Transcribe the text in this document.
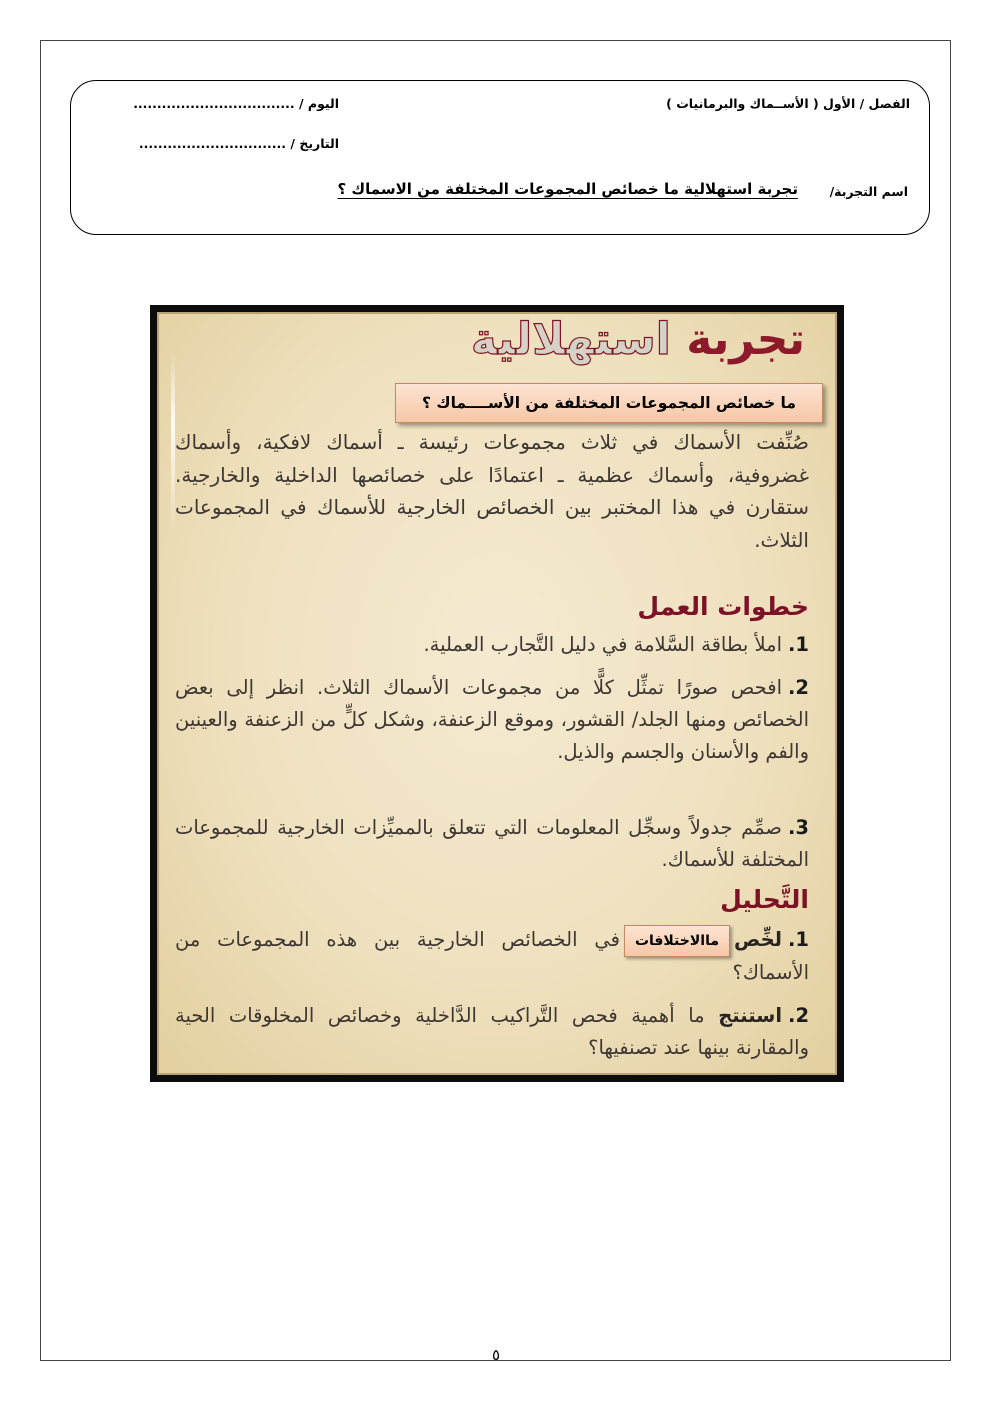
الفصل / الأول ( الأســماك والبرمانيات )
اليوم / ..................................
التاريخ / ...............................
اسم التجربة/
تجربة استهلالية ما خصائص المجموعات المختلفة من الاسماك ؟
تجربة استهلالية
ما خصائص المجموعات المختلفة من الأســــماك ؟
صُنِّفت الأسماك في ثلاث مجموعات رئيسة ـ أسماك لافكية، وأسماك غضروفية، وأسماك عظمية ـ اعتمادًا على خصائصها الداخلية والخارجية. ستقارن في هذا المختبر بين الخصائص الخارجية للأسماك في المجموعات الثلاث.
خطوات العمل
1.املأ بطاقة السَّلامة في دليل التَّجارب العملية.
2.افحص صورًا تمثِّل كلًّا من مجموعات الأسماك الثلاث. انظر إلى بعض الخصائص ومنها الجلد/ القشور، وموقع الزعنفة، وشكل كلٍّ من الزعنفة والعينين والفم والأسنان والجسم والذيل.
3.صمِّم جدولاً وسجِّل المعلومات التي تتعلق بالمميِّزات الخارجية للمجموعات المختلفة للأسماك.
التَّحليل
1.لخِّصماالاختلافاتفي الخصائص الخارجية بين هذه المجموعات من الأسماك؟
2.استنتج ما أهمية فحص التَّراكيب الدَّاخلية وخصائص المخلوقات الحية والمقارنة بينها عند تصنفيها؟
٥
